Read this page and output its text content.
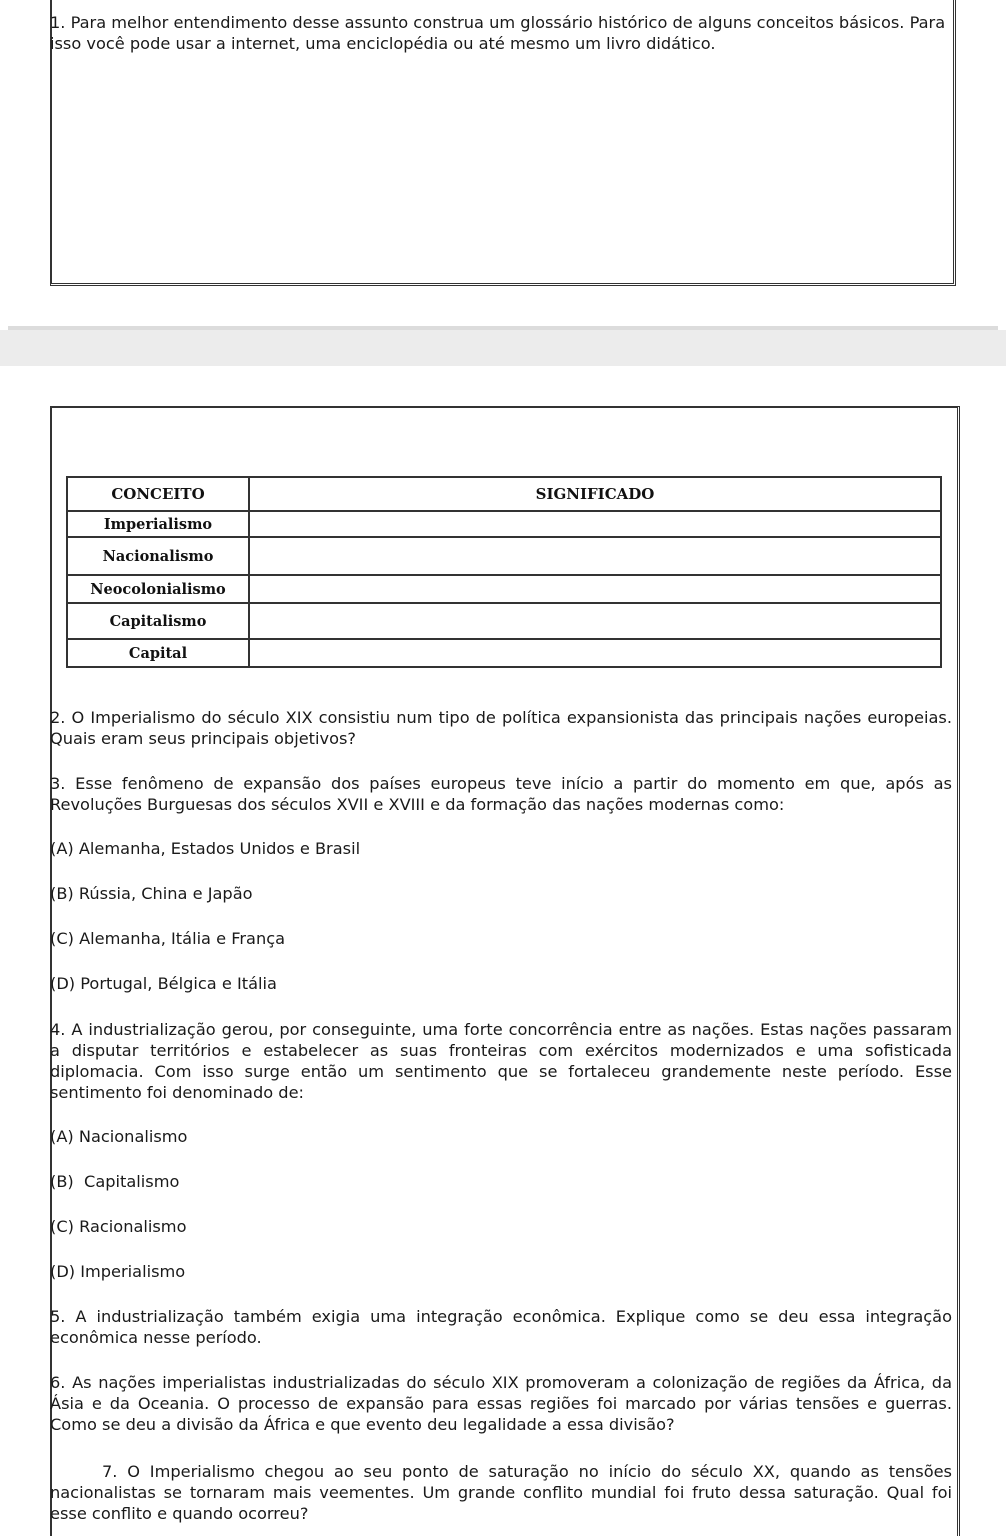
1. Para melhor entendimento desse assunto construa um glossário histórico de alguns conceitos básicos. Para isso você pode usar a internet, uma enciclopédia ou até mesmo um livro didático.
CONCEITO	SIGNIFICADO
Imperialismo	
Nacionalismo	
Neocolonialismo	
Capitalismo	
Capital	
2. O Imperialismo do século XIX consistiu num tipo de política expansionista das principais nações europeias. Quais eram seus principais objetivos?
3. Esse fenômeno de expansão dos países europeus teve início a partir do momento em que, após as Revoluções Burguesas dos séculos XVII e XVIII e da formação das nações modernas como:
(A) Alemanha, Estados Unidos e Brasil
(B) Rússia, China e Japão
(C) Alemanha, Itália e França
(D) Portugal, Bélgica e Itália
4. A industrialização gerou, por conseguinte, uma forte concorrência entre as nações. Estas nações passaram a disputar territórios e estabelecer as suas fronteiras com exércitos modernizados e uma sofisticada diplomacia. Com isso surge então um sentimento que se fortaleceu grandemente neste período. Esse sentimento foi denominado de:
(A) Nacionalismo
(B)  Capitalismo
(C) Racionalismo
(D) Imperialismo
5. A industrialização também exigia uma integração econômica. Explique como se deu essa integração econômica nesse período.
6. As nações imperialistas industrializadas do século XIX promoveram a colonização de regiões da África, da Ásia e da Oceania. O processo de expansão para essas regiões foi marcado por várias tensões e guerras. Como se deu a divisão da África e que evento deu legalidade a essa divisão?
7. O Imperialismo chegou ao seu ponto de saturação no início do século XX, quando as tensões nacionalistas se tornaram mais veementes. Um grande conflito mundial foi fruto dessa saturação. Qual foi esse conflito e quando ocorreu?
